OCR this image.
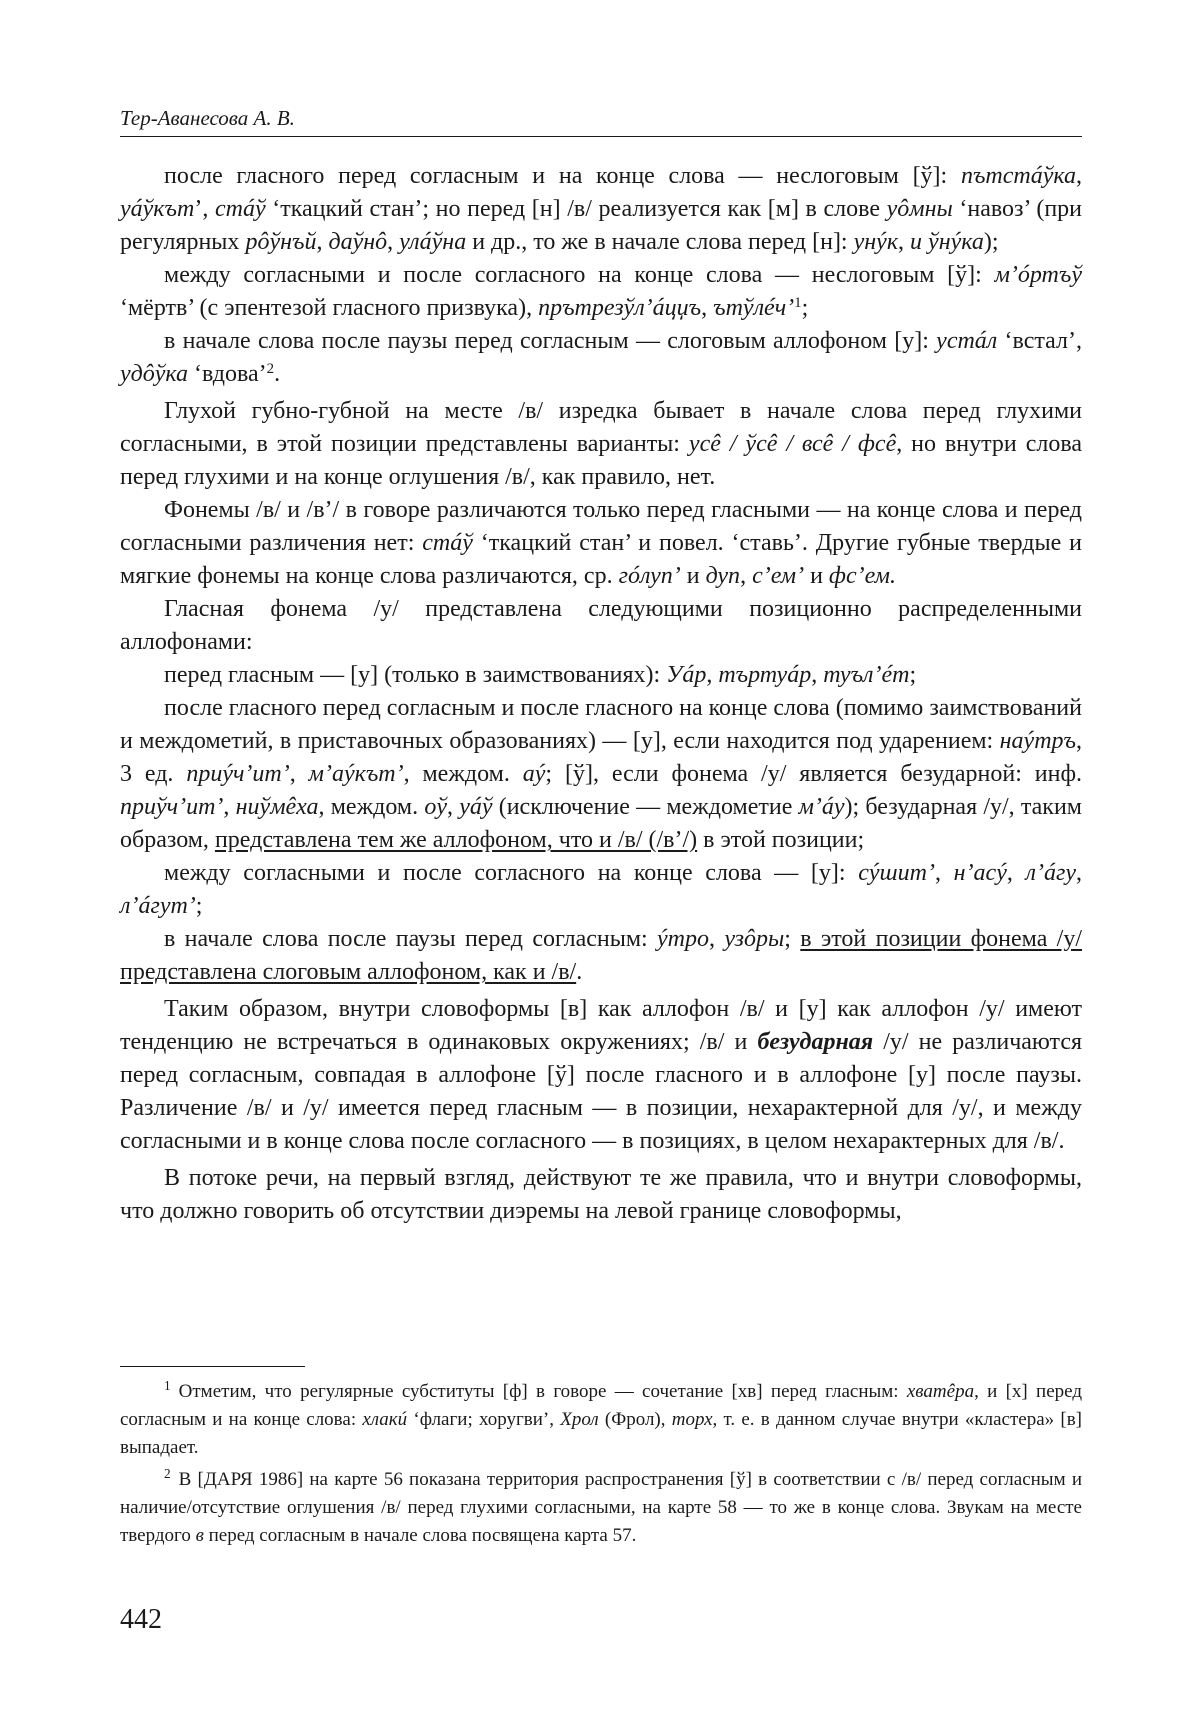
Тер-Аванесова А. В.

после гласного перед согласным и на конце слова — неслоговым [ў]: пътстáўка, уáўкът’, стáў ‘ткацкий стан’; но перед [н] /в/ реализуется как [м] в слове уôмны ‘навоз’ (при регулярных рôўнъй, даўнô, улáўна и др., то же в начале слова перед [н]: унýк, и ўнýка);

между согласными и после согласного на конце слова — неслоговым [ў]: м’óртъў ‘мёртв’ (с эпентезой гласного призвука), прътрезўл’áцџъ, ътўлéч’$^1$;

в начале слова после паузы перед согласным — слоговым аллофоном [у]: устáл ‘встал’, удôўка ‘вдова’$^2$.

Глухой губно-губной на месте /в/ изредка бывает в начале слова перед глухими согласными, в этой позиции представлены варианты: усê / ўсê / всê / фсê, но внутри слова перед глухими и на конце оглушения /в/, как правило, нет.

Фонемы /в/ и /в’/ в говоре различаются только перед гласными — на конце слова и перед согласными различения нет: стáў ‘ткацкий стан’ и повел. ‘ставь’. Другие губные твердые и мягкие фонемы на конце слова различаются, ср. гóлуп’ и дуп, с’ем’ и фс’ем.

Гласная фонема /у/ представлена следующими позиционно распределенными аллофонами:

перед гласным — [у] (только в заимствованиях): Уáр, търтуáр, туъл’éт;

после гласного перед согласным и после гласного на конце слова (помимо заимствований и междометий, в приставочных образованиях) — [у], если находится под ударением: наýтръ, 3 ед. приýч’ит’, м’аýкът’, междом. аý; [ў], если фонема /у/ является безударной: инф. приўч’ит’, ниўмêха, междом. оў, уáў (исключение — междометие м’áу); безударная /у/, таким образом, представлена тем же аллофоном, что и /в/ (/в’/) в этой позиции;

между согласными и после согласного на конце слова — [у]: сýшит’, н’асý, л’áгу, л’áгут’;

в начале слова после паузы перед согласным: ýтро, узôры; в этой позиции фонема /у/ представлена слоговым аллофоном, как и /в/.

Таким образом, внутри словоформы [в] как аллофон /в/ и [у] как аллофон /у/ имеют тенденцию не встречаться в одинаковых окружениях; /в/ и безударная /у/ не различаются перед согласным, совпадая в аллофоне [ў] после гласного и в аллофоне [у] после паузы. Различение /в/ и /у/ имеется перед гласным — в позиции, нехарактерной для /у/, и между согласными и в конце слова после согласного — в позициях, в целом нехарактерных для /в/.

В потоке речи, на первый взгляд, действуют те же правила, что и внутри словоформы, что должно говорить об отсутствии диэремы на левой границе словоформы,

$^1$ Отметим, что регулярные субституты [ф] в говоре — сочетание [хв] перед гласным: хватêра, и [х] перед согласным и на конце слова: хлакú ‘флаги; хоругви’, Хрол (Фрол), торх, т. е. в данном случае внутри «кластера» [в] выпадает.

$^2$ В [ДАРЯ 1986] на карте 56 показана территория распространения [ў] в соответствии с /в/ перед согласным и наличие/отсутствие оглушения /в/ перед глухими согласными, на карте 58 — то же в конце слова. Звукам на месте твердого в перед согласным в начале слова посвящена карта 57.

442
